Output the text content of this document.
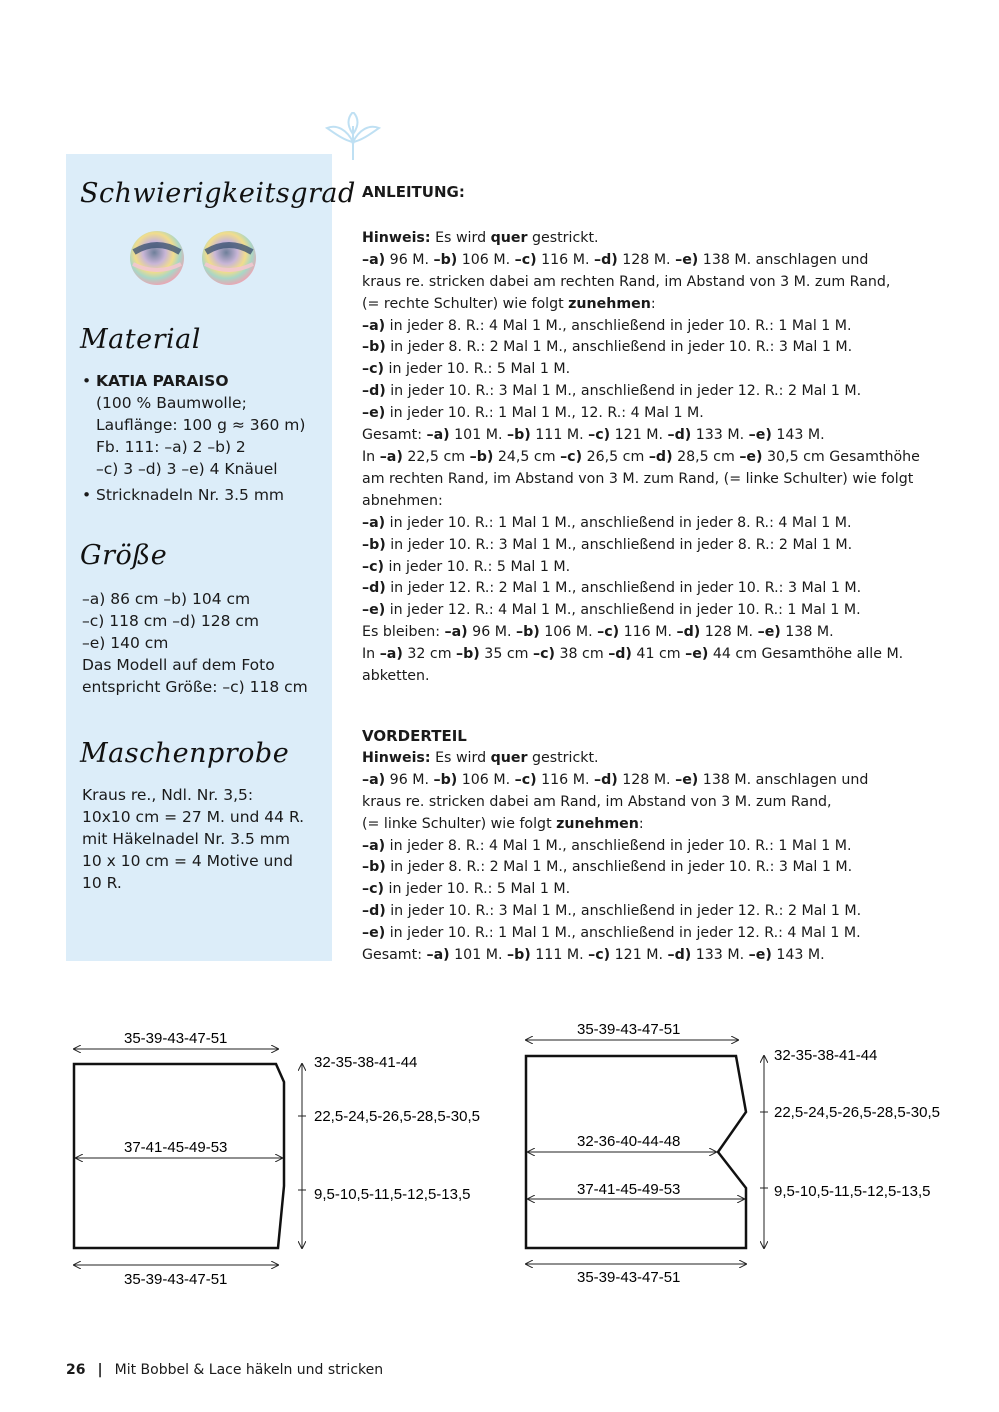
Schwierigkeitsgrad
Material
• KATIA PARAISO
(100 % Baumwolle;
Lauflänge: 100 g ≈ 360 m)
Fb. 111: –a) 2 –b) 2
–c) 3 –d) 3 –e) 4 Knäuel
• Stricknadeln Nr. 3.5 mm
Größe
–a) 86 cm –b) 104 cm
–c) 118 cm –d) 128 cm
–e) 140 cm
Das Modell auf dem Foto
entspricht Größe: –c) 118 cm
Maschenprobe
Kraus re., Ndl. Nr. 3,5:
10x10 cm = 27 M. und 44 R.
mit Häkelnadel Nr. 3.5 mm
10 x 10 cm = 4 Motive und
10 R.
ANLEITUNG:

Hinweis: Es wird quer gestrickt.

–a) 96 M. –b) 106 M. –c) 116 M. –d) 128 M. –e) 138 M. anschlagen und

kraus re. stricken dabei am rechten Rand, im Abstand von 3 M. zum Rand,

(= rechte Schulter) wie folgt zunehmen:

–a) in jeder 8. R.: 4 Mal 1 M., anschließend in jeder 10. R.: 1 Mal 1 M.

–b) in jeder 8. R.: 2 Mal 1 M., anschließend in jeder 10. R.: 3 Mal 1 M.

–c) in jeder 10. R.: 5 Mal 1 M.

–d) in jeder 10. R.: 3 Mal 1 M., anschließend in jeder 12. R.: 2 Mal 1 M.

–e) in jeder 10. R.: 1 Mal 1 M., 12. R.: 4 Mal 1 M.

Gesamt: –a) 101 M. –b) 111 M. –c) 121 M. –d) 133 M. –e) 143 M.

In –a) 22,5 cm –b) 24,5 cm –c) 26,5 cm –d) 28,5 cm –e) 30,5 cm Gesamthöhe

am rechten Rand, im Abstand von 3 M. zum Rand, (= linke Schulter) wie folgt

abnehmen:

–a) in jeder 10. R.: 1 Mal 1 M., anschließend in jeder 8. R.: 4 Mal 1 M.

–b) in jeder 10. R.: 3 Mal 1 M., anschließend in jeder 8. R.: 2 Mal 1 M.

–c) in jeder 10. R.: 5 Mal 1 M.

–d) in jeder 12. R.: 2 Mal 1 M., anschließend in jeder 10. R.: 3 Mal 1 M.

–e) in jeder 12. R.: 4 Mal 1 M., anschließend in jeder 10. R.: 1 Mal 1 M.

Es bleiben: –a) 96 M. –b) 106 M. –c) 116 M. –d) 128 M. –e) 138 M.

In –a) 32 cm –b) 35 cm –c) 38 cm –d) 41 cm –e) 44 cm Gesamthöhe alle M.

abketten.

VORDERTEIL

Hinweis: Es wird quer gestrickt.

–a) 96 M. –b) 106 M. –c) 116 M. –d) 128 M. –e) 138 M. anschlagen und

kraus re. stricken dabei am Rand, im Abstand von 3 M. zum Rand,

(= linke Schulter) wie folgt zunehmen:

–a) in jeder 8. R.: 4 Mal 1 M., anschließend in jeder 10. R.: 1 Mal 1 M.

–b) in jeder 8. R.: 2 Mal 1 M., anschließend in jeder 10. R.: 3 Mal 1 M.

–c) in jeder 10. R.: 5 Mal 1 M.

–d) in jeder 10. R.: 3 Mal 1 M., anschließend in jeder 12. R.: 2 Mal 1 M.

–e) in jeder 10. R.: 1 Mal 1 M., anschließend in jeder 12. R.: 4 Mal 1 M.

Gesamt: –a) 101 M. –b) 111 M. –c) 121 M. –d) 133 M. –e) 143 M.

35-39-43-47-51
37-41-45-49-53
35-39-43-47-51
32-35-38-41-44
22,5-24,5-26,5-28,5-30,5
9,5-10,5-11,5-12,5-13,5
35-39-43-47-51
32-36-40-44-48
37-41-45-49-53
35-39-43-47-51
32-35-38-41-44
22,5-24,5-26,5-28,5-30,5
9,5-10,5-11,5-12,5-13,5
26 | Mit Bobbel & Lace häkeln und stricken
